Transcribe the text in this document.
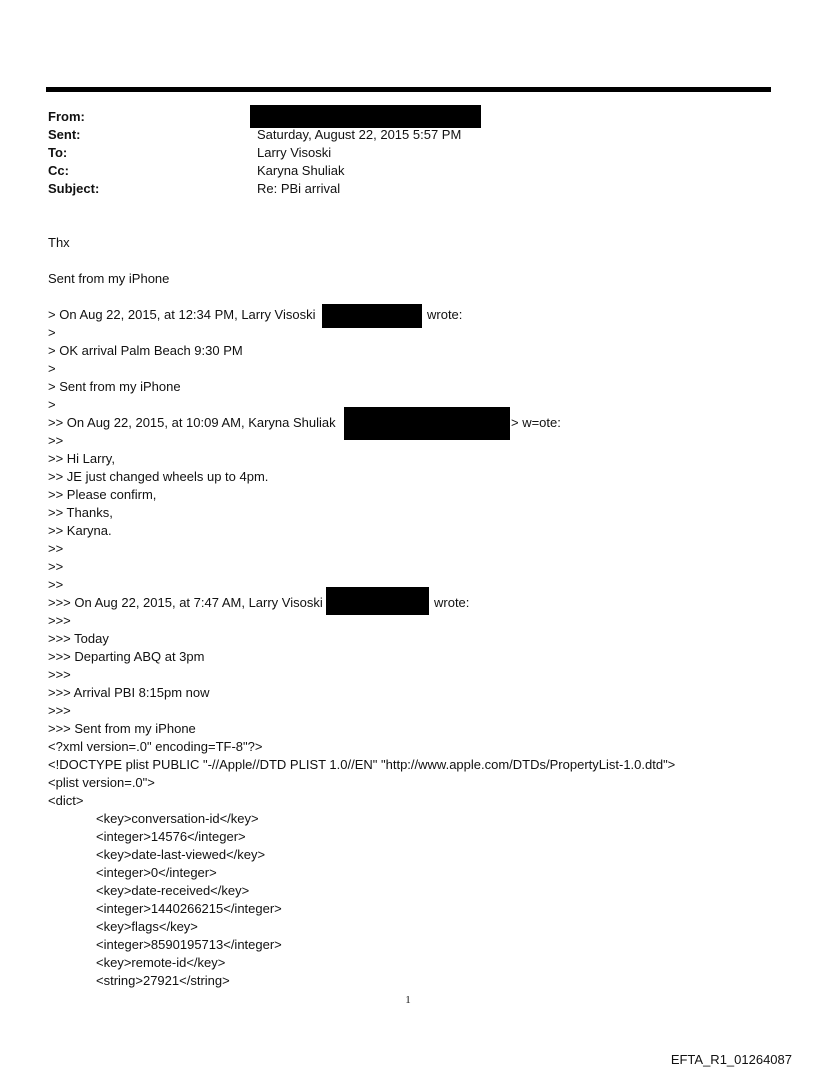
From:
Sent:	Saturday, August 22, 2015 5:57 PM
To:	Larry Visoski
Cc:	Karyna Shuliak
Subject:	Re: PBi arrival
Thx
Sent from my iPhone
> On Aug 22, 2015, at 12:34 PM, Larry Visoski	wrote:
>
> OK arrival Palm Beach 9:30 PM
>
> Sent from my iPhone
>
>> On Aug 22, 2015, at 10:09 AM, Karyna Shuliak	> w=ote:
>>
>> Hi Larry,
>> JE just changed wheels up to 4pm.
>> Please confirm,
>> Thanks,
>> Karyna.
>>
>>
>>
>>> On Aug 22, 2015, at 7:47 AM, Larry Visoski	wrote:
>>>
>>> Today
>>> Departing ABQ at 3pm
>>>
>>> Arrival PBI 8:15pm now
>>>
>>> Sent from my iPhone
<?xml version=.0" encoding=TF-8"?>
<!DOCTYPE plist PUBLIC "-//Apple//DTD PLIST 1.0//EN" "http://www.apple.com/DTDs/PropertyList-1.0.dtd">
<plist version=.0">
<dict>
<key>conversation-id</key>
<integer>14576</integer>
<key>date-last-viewed</key>
<integer>0</integer>
<key>date-received</key>
<integer>1440266215</integer>
<key>flags</key>
<integer>8590195713</integer>
<key>remote-id</key>
<string>27921</string>
1
EFTA_R1_01264087
